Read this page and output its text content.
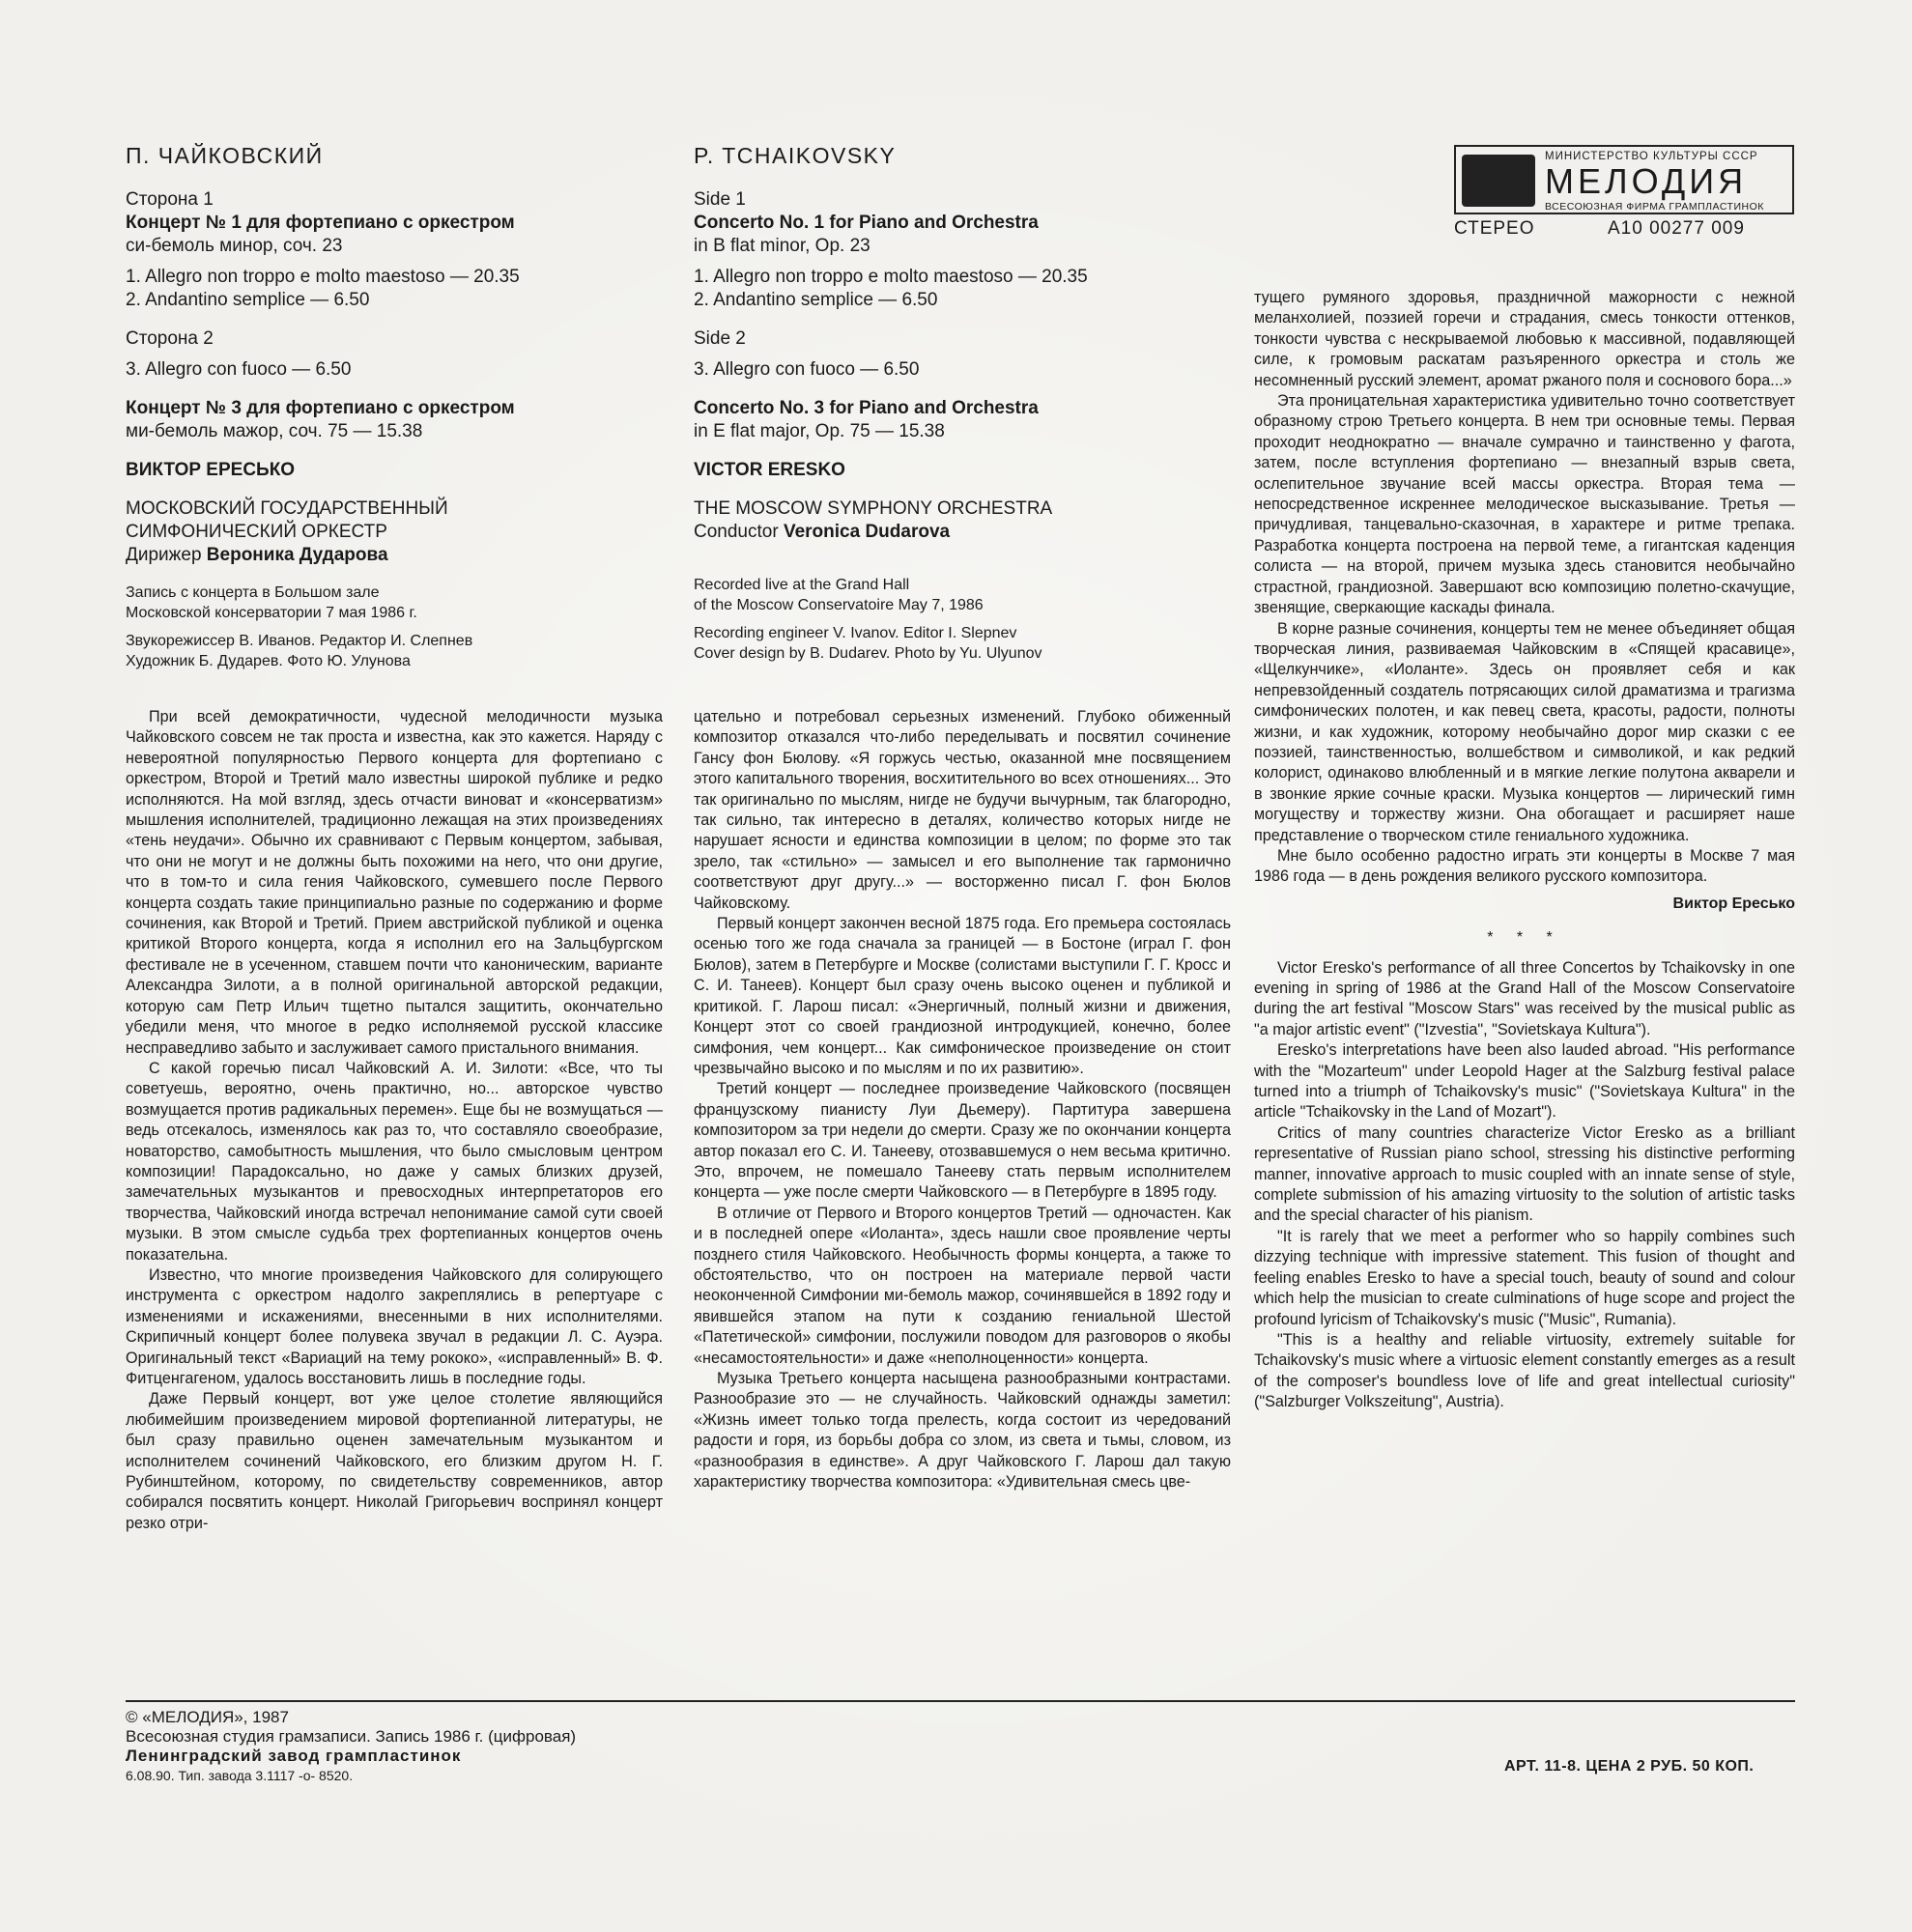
П. ЧАЙКОВСКИЙ

Сторона 1

Концерт № 1 для фортепиано с оркестром

си-бемоль минор, соч. 23

1. Allegro non troppo e molto maestoso — 20.35

2. Andantino semplice — 6.50

Сторона 2

3. Allegro con fuoco — 6.50

Концерт № 3 для фортепиано с оркестром

ми-бемоль мажор, соч. 75 — 15.38

ВИКТОР ЕРЕСЬКО

МОСКОВСКИЙ ГОСУДАРСТВЕННЫЙ

СИМФОНИЧЕСКИЙ ОРКЕСТР

Дирижер Вероника Дударова

Запись с концерта в Большом зале

Московской консерватории 7 мая 1986 г.

Звукорежиссер В. Иванов. Редактор И. Слепнев

Художник Б. Дударев. Фото Ю. Улунова

P. TCHAIKOVSKY

Side 1

Concerto No. 1 for Piano and Orchestra

in B flat minor, Op. 23

1. Allegro non troppo e molto maestoso — 20.35

2. Andantino semplice — 6.50

Side 2

3. Allegro con fuoco — 6.50

Concerto No. 3 for Piano and Orchestra

in E flat major, Op. 75 — 15.38

VICTOR ERESKO

THE MOSCOW SYMPHONY ORCHESTRA

Conductor Veronica Dudarova

Recorded live at the Grand Hall

of the Moscow Conservatoire May 7, 1986

Recording engineer V. Ivanov. Editor I. Slepnev

Cover design by B. Dudarev. Photo by Yu. Ulyunov

МИНИСТЕРСТВО КУЛЬТУРЫ СССР
МЕЛОДИЯ
ВСЕСОЮЗНАЯ ФИРМА ГРАМПЛАСТИНОК
СТЕРЕО	А10 00277 009

При всей демократичности, чудесной мелодичности музыка Чайковского совсем не так проста и известна, как это кажется. Наряду с невероятной популярностью Первого концерта для фортепиано с оркестром, Второй и Третий мало известны широкой публике и редко исполняются. На мой взгляд, здесь отчасти виноват и «консерватизм» мышления исполнителей, традиционно лежащая на этих произведениях «тень неудачи». Обычно их сравнивают с Первым концертом, забывая, что они не могут и не должны быть похожими на него, что они другие, что в том-то и сила гения Чайковского, сумевшего после Первого концерта создать такие принципиально разные по содержанию и форме сочинения, как Второй и Третий. Прием австрийской публикой и оценка критикой Второго концерта, когда я исполнил его на Зальцбургском фестивале не в усеченном, ставшем почти что каноническим, варианте Александра Зилоти, а в полной оригинальной авторской редакции, которую сам Петр Ильич тщетно пытался защитить, окончательно убедили меня, что многое в редко исполняемой русской классике несправедливо забыто и заслуживает самого пристального внимания.

С какой горечью писал Чайковский А. И. Зилоти: «Все, что ты советуешь, вероятно, очень практично, но... авторское чувство возмущается против радикальных перемен». Еще бы не возмущаться — ведь отсекалось, изменялось как раз то, что составляло своеобразие, новаторство, самобытность мышления, что было смысловым центром композиции! Парадоксально, но даже у самых близких друзей, замечательных музыкантов и превосходных интерпретаторов его творчества, Чайковский иногда встречал непонимание самой сути своей музыки. В этом смысле судьба трех фортепианных концертов очень показательна.

Известно, что многие произведения Чайковского для солирующего инструмента с оркестром надолго закреплялись в репертуаре с изменениями и искажениями, внесенными в них исполнителями. Скрипичный концерт более полувека звучал в редакции Л. С. Ауэра. Оригинальный текст «Вариаций на тему рококо», «исправленный» В. Ф. Фитценгагеном, удалось восстановить лишь в последние годы.

Даже Первый концерт, вот уже целое столетие являющийся любимейшим произведением мировой фортепианной литературы, не был сразу правильно оценен замечательным музыкантом и исполнителем сочинений Чайковского, его близким другом Н. Г. Рубинштейном, которому, по свидетельству современников, автор собирался посвятить концерт. Николай Григорьевич воспринял концерт резко отри-

цательно и потребовал серьезных изменений. Глубоко обиженный композитор отказался что-либо переделывать и посвятил сочинение Гансу фон Бюлову. «Я горжусь честью, оказанной мне посвящением этого капитального творения, восхитительного во всех отношениях... Это так оригинально по мыслям, нигде не будучи вычурным, так благородно, так сильно, так интересно в деталях, количество которых нигде не нарушает ясности и единства композиции в целом; по форме это так зрело, так «стильно» — замысел и его выполнение так гармонично соответствуют друг другу...» — восторженно писал Г. фон Бюлов Чайковскому.

Первый концерт закончен весной 1875 года. Его премьера состоялась осенью того же года сначала за границей — в Бостоне (играл Г. фон Бюлов), затем в Петербурге и Москве (солистами выступили Г. Г. Кросс и С. И. Танеев). Концерт был сразу очень высоко оценен и публикой и критикой. Г. Ларош писал: «Энергичный, полный жизни и движения, Концерт этот со своей грандиозной интродукцией, конечно, более симфония, чем концерт... Как симфоническое произведение он стоит чрезвычайно высоко и по мыслям и по их развитию».

Третий концерт — последнее произведение Чайковского (посвящен французскому пианисту Луи Дьемеру). Партитура завершена композитором за три недели до смерти. Сразу же по окончании концерта автор показал его С. И. Танееву, отозвавшемуся о нем весьма критично. Это, впрочем, не помешало Танееву стать первым исполнителем концерта — уже после смерти Чайковского — в Петербурге в 1895 году.

В отличие от Первого и Второго концертов Третий — одночастен. Как и в последней опере «Иоланта», здесь нашли свое проявление черты позднего стиля Чайковского. Необычность формы концерта, а также то обстоятельство, что он построен на материале первой части неоконченной Симфонии ми-бемоль мажор, сочинявшейся в 1892 году и явившейся этапом на пути к созданию гениальной Шестой «Патетической» симфонии, послужили поводом для разговоров о якобы «несамостоятельности» и даже «неполноценности» концерта.

Музыка Третьего концерта насыщена разнообразными контрастами. Разнообразие это — не случайность. Чайковский однажды заметил: «Жизнь имеет только тогда прелесть, когда состоит из чередований радости и горя, из борьбы добра со злом, из света и тьмы, словом, из «разнообразия в единстве». А друг Чайковского Г. Ларош дал такую характеристику творчества композитора: «Удивительная смесь цве-

тущего румяного здоровья, праздничной мажорности с нежной меланхолией, поэзией горечи и страдания, смесь тонкости оттенков, тонкости чувства с нескрываемой любовью к массивной, подавляющей силе, к громовым раскатам разъяренного оркестра и столь же несомненный русский элемент, аромат ржаного поля и соснового бора...»

Эта проницательная характеристика удивительно точно соответствует образному строю Третьего концерта. В нем три основные темы. Первая проходит неоднократно — вначале сумрачно и таинственно у фагота, затем, после вступления фортепиано — внезапный взрыв света, ослепительное звучание всей массы оркестра. Вторая тема — непосредственное искреннее мелодическое высказывание. Третья — причудливая, танцевально-сказочная, в характере и ритме трепака. Разработка концерта построена на первой теме, а гигантская каденция солиста — на второй, причем музыка здесь становится необычайно страстной, грандиозной. Завершают всю композицию полетно-скачущие, звенящие, сверкающие каскады финала.

В корне разные сочинения, концерты тем не менее объединяет общая творческая линия, развиваемая Чайковским в «Спящей красавице», «Щелкунчике», «Иоланте». Здесь он проявляет себя и как непревзойденный создатель потрясающих силой драматизма и трагизма симфонических полотен, и как певец света, красоты, радости, полноты жизни, и как художник, которому необычайно дорог мир сказки с ее поэзией, таинственностью, волшебством и символикой, и как редкий колорист, одинаково влюбленный и в мягкие легкие полутона акварели и в звонкие яркие сочные краски. Музыка концертов — лирический гимн могуществу и торжеству жизни. Она обогащает и расширяет наше представление о творческом стиле гениального художника.

Мне было особенно радостно играть эти концерты в Москве 7 мая 1986 года — в день рождения великого русского композитора.

Виктор Ересько
* * *

Victor Eresko's performance of all three Concertos by Tchaikovsky in one evening in spring of 1986 at the Grand Hall of the Moscow Conservatoire during the art festival "Moscow Stars" was received by the musical public as "a major artistic event" ("Izvestia", "Sovietskaya Kultura").

Eresko's interpretations have been also lauded abroad. "His performance with the "Mozarteum" under Leopold Hager at the Salzburg festival palace turned into a triumph of Tchaikovsky's music" ("Sovietskaya Kultura" in the article "Tchaikovsky in the Land of Mozart").

Critics of many countries characterize Victor Eresko as a brilliant representative of Russian piano school, stressing his distinctive performing manner, innovative approach to music coupled with an innate sense of style, complete submission of his amazing virtuosity to the solution of artistic tasks and the special character of his pianism.

"It is rarely that we meet a performer who so happily combines such dizzying technique with impressive statement. This fusion of thought and feeling enables Eresko to have a special touch, beauty of sound and colour which help the musician to create culminations of huge scope and project the profound lyricism of Tchaikovsky's music ("Music", Rumania).

"This is a healthy and reliable virtuosity, extremely suitable for Tchaikovsky's music where a virtuosic element constantly emerges as a result of the composer's boundless love of life and great intellectual curiosity" ("Salzburger Volkszeitung", Austria).

© «МЕЛОДИЯ», 1987
Всесоюзная студия грамзаписи. Запись 1986 г. (цифровая)
Ленинградский завод грампластинок
6.08.90. Тип. завода 3.1117 -о- 8520.
АРТ. 11-8. ЦЕНА 2 РУБ. 50 КОП.
